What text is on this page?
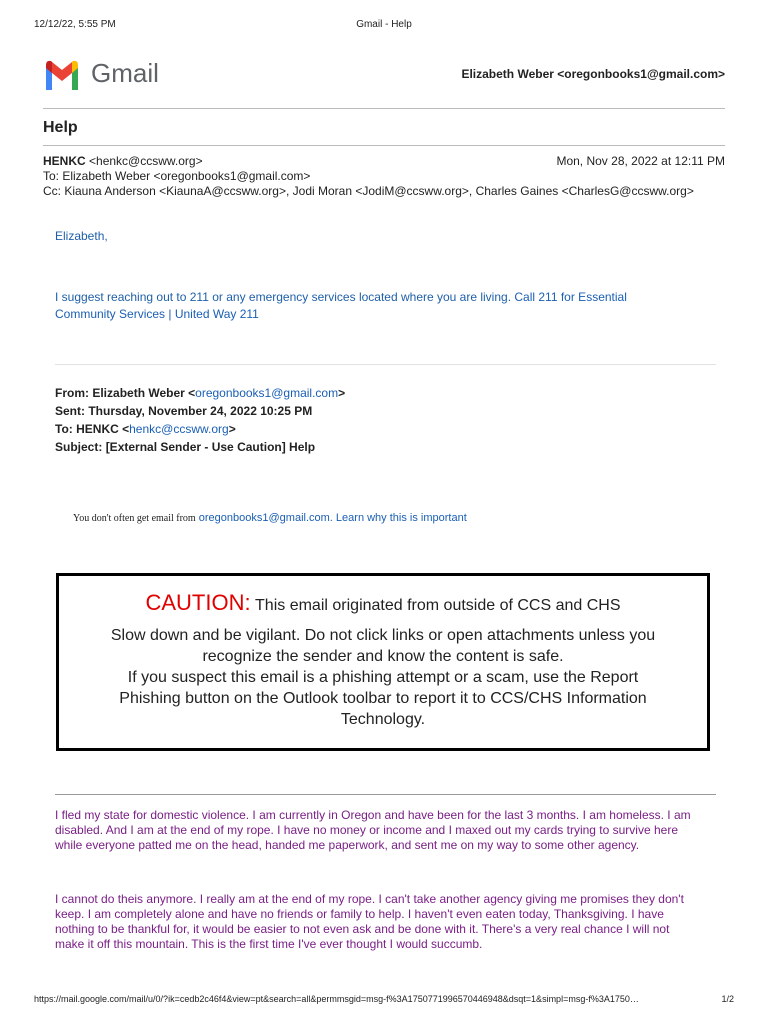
12/12/22, 5:55 PM	Gmail - Help
Gmail	Elizabeth Weber <oregonbooks1@gmail.com>
Help
HENKC <henkc@ccsww.org>	Mon, Nov 28, 2022 at 12:11 PM
To: Elizabeth Weber <oregonbooks1@gmail.com>
Cc: Kiauna Anderson <KiaunaA@ccsww.org>, Jodi Moran <JodiM@ccsww.org>, Charles Gaines <CharlesG@ccsww.org>
Elizabeth,
I suggest reaching out to 211 or any emergency services located where you are living. Call 211 for Essential
Community Services | United Way 211
From: Elizabeth Weber <oregonbooks1@gmail.com>
Sent: Thursday, November 24, 2022 10:25 PM
To: HENKC <henkc@ccsww.org>
Subject: [External Sender - Use Caution] Help
You don't often get email from oregonbooks1@gmail.com. Learn why this is important
CAUTION: This email originated from outside of CCS and CHS
Slow down and be vigilant. Do not click links or open attachments unless you
recognize the sender and know the content is safe.
If you suspect this email is a phishing attempt or a scam, use the Report
Phishing button on the Outlook toolbar to report it to CCS/CHS Information
Technology.
I fled my state for domestic violence. I am currently in Oregon and have been for the last 3 months. I am homeless. I am
disabled. And I am at the end of my rope. I have no money or income and I maxed out my cards trying to survive here
while everyone patted me on the head, handed me paperwork, and sent me on my way to some other agency.
I cannot do theis anymore. I really am at the end of my rope. I can't take another agency giving me promises they don't
keep. I am completely alone and have no friends or family to help. I haven't even eaten today, Thanksgiving. I have
nothing to be thankful for, it would be easier to not even ask and be done with it. There's a very real chance I will not
make it off this mountain. This is the first time I've ever thought I would succumb.
https://mail.google.com/mail/u/0/?ik=cedb2c46f4&view=pt&search=all&permmsgid=msg-f%3A1750771996570446948&dsqt=1&simpl=msg-f%3A1750…	1/2
